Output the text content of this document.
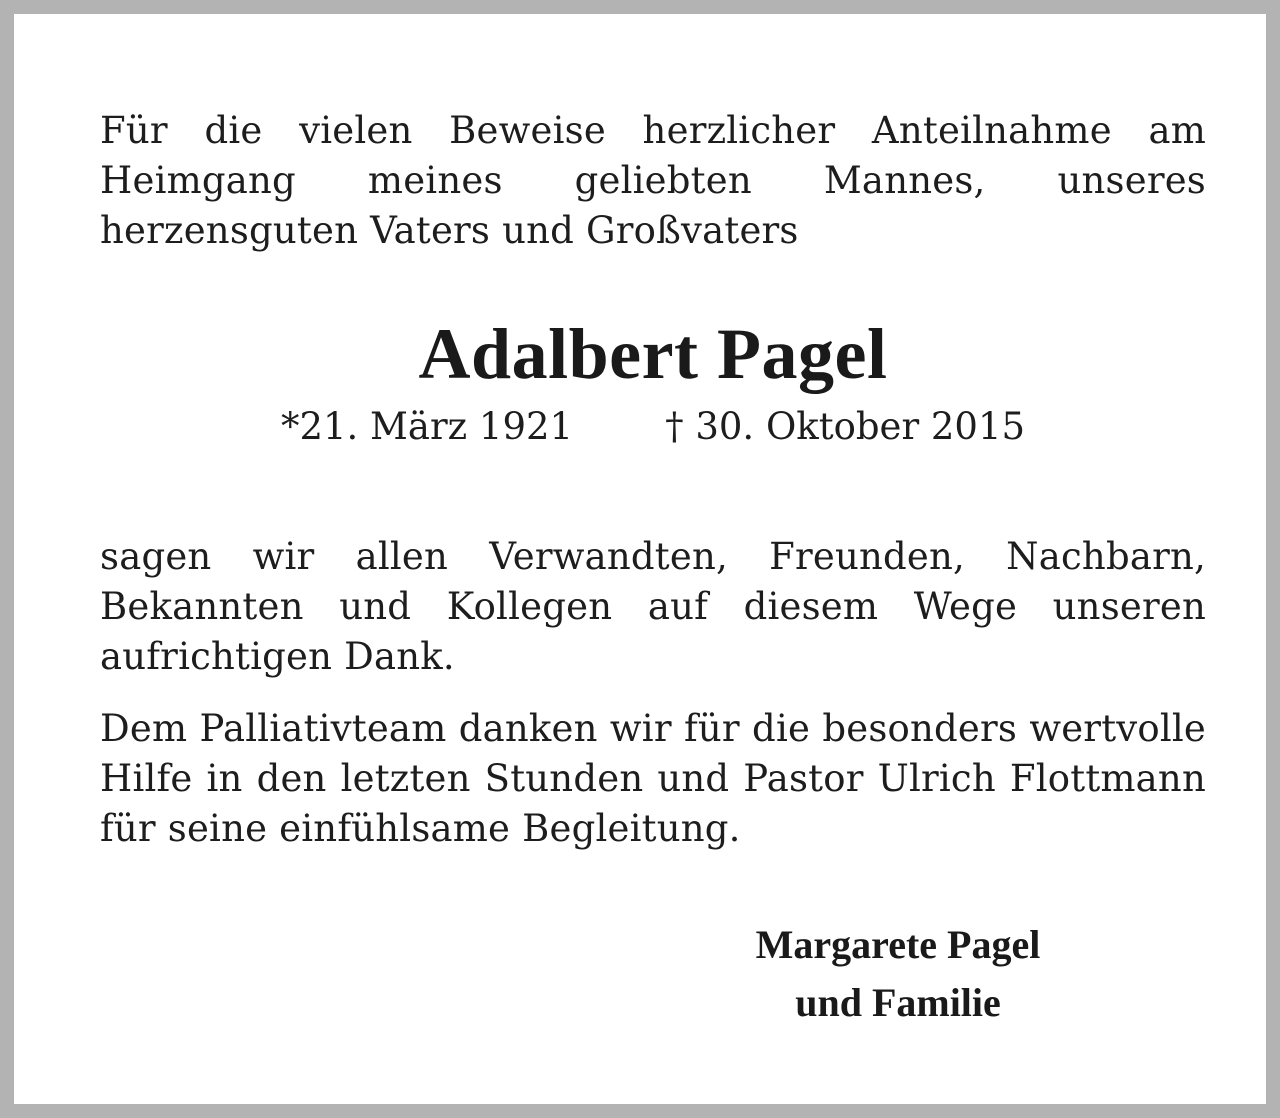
Für die vielen Beweise herzlicher Anteilnahme am Heimgang meines geliebten Mannes, unseres herzensguten Vaters und Großvaters

Adalbert Pagel
*21. März 1921 † 30. Oktober 2015

sagen wir allen Verwandten, Freunden, Nachbarn, Bekannten und Kollegen auf diesem Wege unseren aufrichtigen Dank.

Dem Palliativteam danken wir für die besonders wertvolle Hilfe in den letzten Stunden und Pastor Ulrich Flottmann für seine einfühlsame Begleitung.

Margarete Pagel
und Familie
